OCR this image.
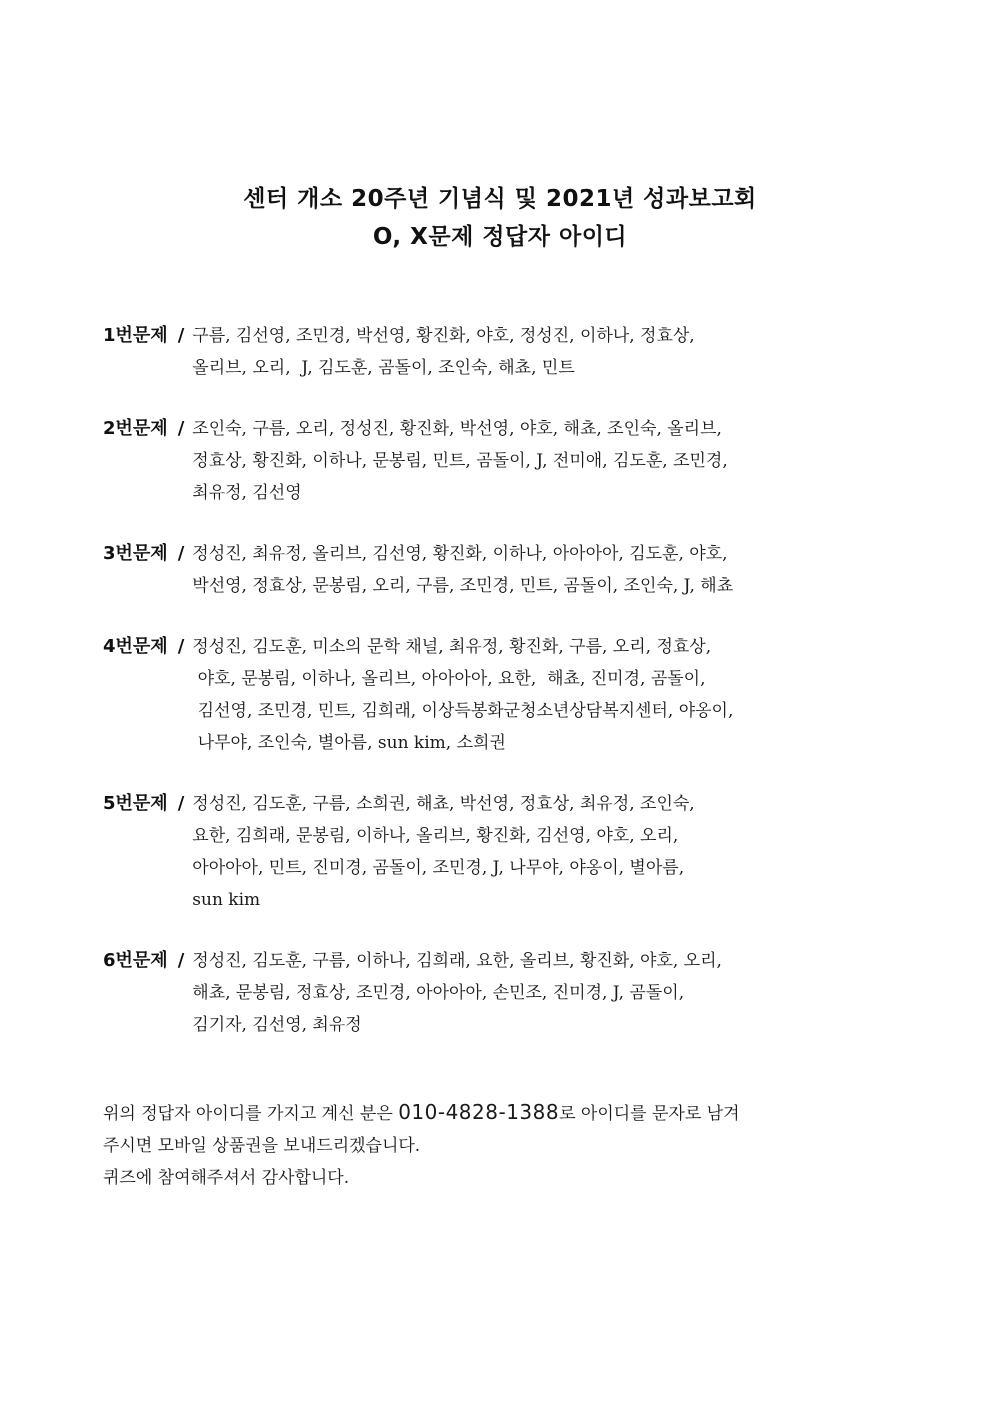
센터 개소 20주년 기념식 및 2021년 성과보고회
O, X문제 정답자 아이디
1번문제 / 구름, 김선영, 조민경, 박선영, 황진화, 야호, 정성진, 이하나, 정효상,
올리브, 오리,  J, 김도훈, 곰돌이, 조인숙, 해쵸, 민트
2번문제 / 조인숙, 구름, 오리, 정성진, 황진화, 박선영, 야호, 해쵸, 조인숙, 올리브,
정효상, 황진화, 이하나, 문봉림, 민트, 곰돌이, J, 전미애, 김도훈, 조민경,
최유정, 김선영
3번문제 / 정성진, 최유정, 올리브, 김선영, 황진화, 이하나, 아아아아, 김도훈, 야호,
박선영, 정효상, 문봉림, 오리, 구름, 조민경, 민트, 곰돌이, 조인숙, J, 해쵸
4번문제 / 정성진, 김도훈, 미소의 문학 채널, 최유정, 황진화, 구름, 오리, 정효상,
야호, 문봉림, 이하나, 올리브, 아아아아, 요한,  해쵸, 진미경, 곰돌이,
김선영, 조민경, 민트, 김희래, 이상득봉화군청소년상담복지센터, 야옹이,
나무야, 조인숙, 별아름, sun kim, 소희권
5번문제 / 정성진, 김도훈, 구름, 소희권, 해쵸, 박선영, 정효상, 최유정, 조인숙,
요한, 김희래, 문봉림, 이하나, 올리브, 황진화, 김선영, 야호, 오리,
아아아아, 민트, 진미경, 곰돌이, 조민경, J, 나무야, 야옹이, 별아름,
sun kim
6번문제 / 정성진, 김도훈, 구름, 이하나, 김희래, 요한, 올리브, 황진화, 야호, 오리,
해쵸, 문봉림, 정효상, 조민경, 아아아아, 손민조, 진미경, J, 곰돌이,
김기자, 김선영, 최유정
위의 정답자 아이디를 가지고 계신 분은 010-4828-1388로 아이디를 문자로 남겨
주시면 모바일 상품권을 보내드리겠습니다.
퀴즈에 참여해주셔서 감사합니다.
